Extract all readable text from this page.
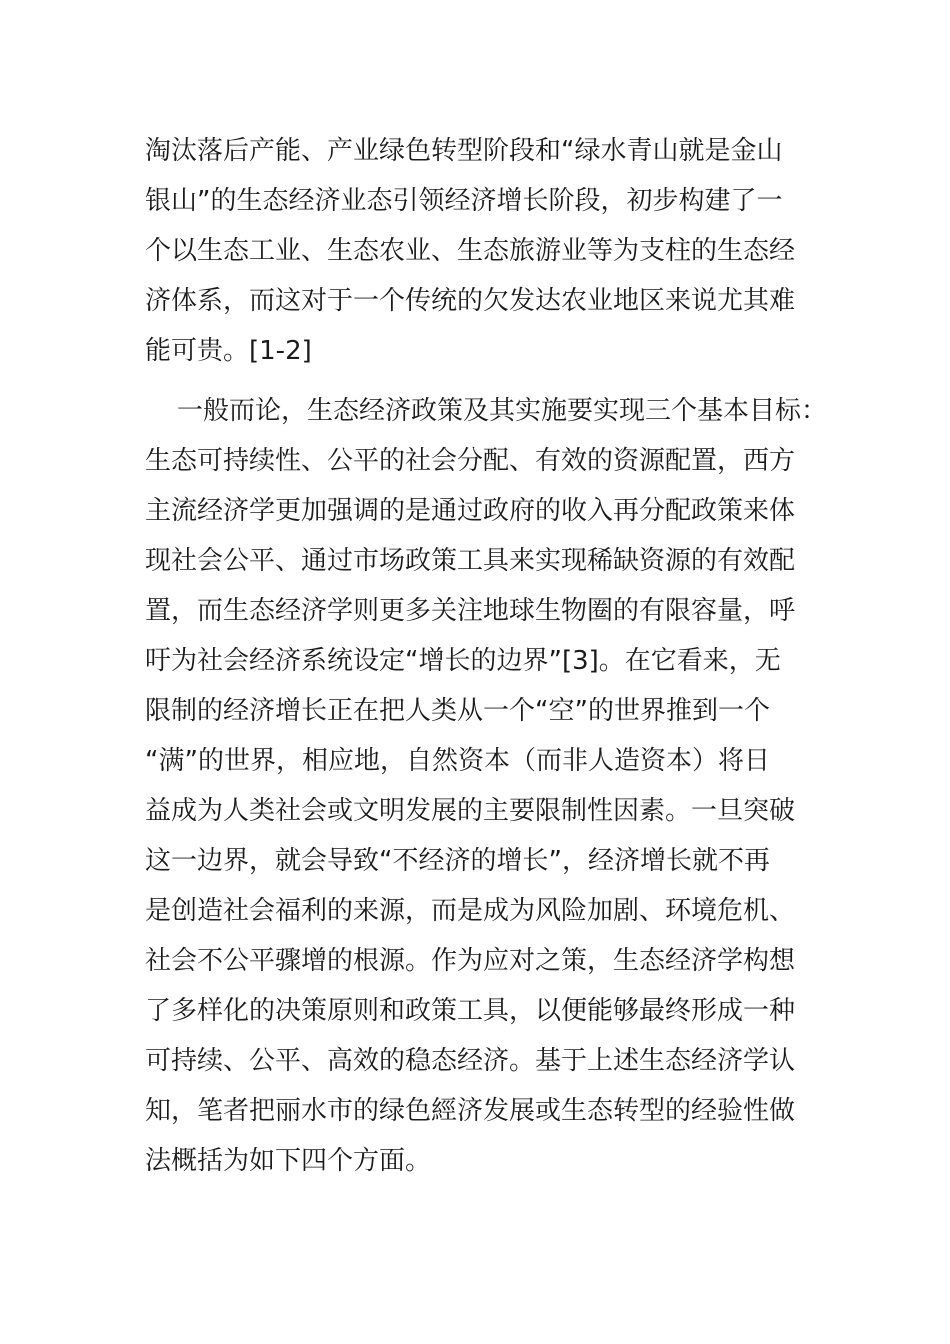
淘汰落后产能、产业绿色转型阶段和“绿水青山就是金山
银山”的生态经济业态引领经济增长阶段，初步构建了一
个以生态工业、生态农业、生态旅游业等为支柱的生态经
济体系，而这对于一个传统的欠发达农业地区来说尤其难
能可贵。[1-2]
一般而论，生态经济政策及其实施要实现三个基本目标：
生态可持续性、公平的社会分配、有效的资源配置，西方
主流经济学更加强调的是通过政府的收入再分配政策来体
现社会公平、通过市场政策工具来实现稀缺资源的有效配
置，而生态经济学则更多关注地球生物圈的有限容量，呼
吁为社会经济系统设定“增长的边界”[3]。在它看来，无
限制的经济增长正在把人类从一个“空”的世界推到一个
“满”的世界，相应地，自然资本（而非人造资本）将日
益成为人类社会或文明发展的主要限制性因素。一旦突破
这一边界，就会导致“不经济的增长”，经济增长就不再
是创造社会福利的来源，而是成为风险加剧、环境危机、
社会不公平骤增的根源。作为应对之策，生态经济学构想
了多样化的决策原则和政策工具，以便能够最终形成一种
可持续、公平、高效的稳态经济。基于上述生态经济学认
知，笔者把丽水市的绿色經济发展或生态转型的经验性做
法概括为如下四个方面。
